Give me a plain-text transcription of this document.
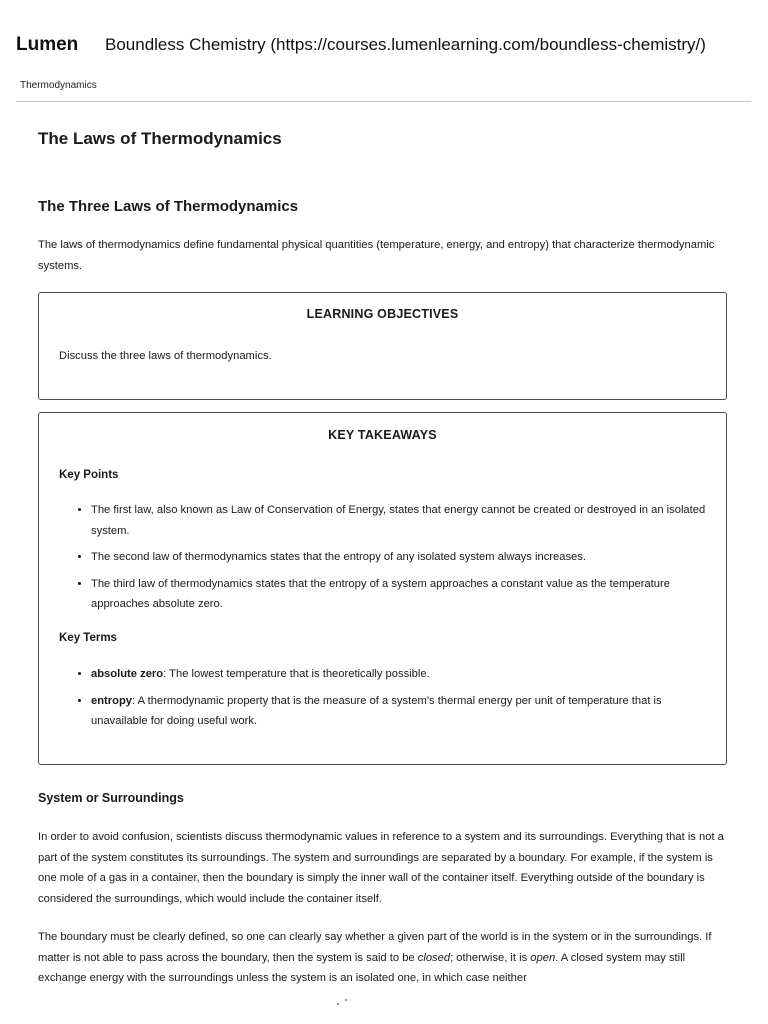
Lumen Boundless Chemistry (https://courses.lumenlearning.com/boundless-chemistry/)
Thermodynamics
The Laws of Thermodynamics
The Three Laws of Thermodynamics
The laws of thermodynamics define fundamental physical quantities (temperature, energy, and entropy) that characterize thermodynamic systems.
LEARNING OBJECTIVES
Discuss the three laws of thermodynamics.
KEY TAKEAWAYS
Key Points
• The first law, also known as Law of Conservation of Energy, states that energy cannot be created or destroyed in an isolated system.
• The second law of thermodynamics states that the entropy of any isolated system always increases.
• The third law of thermodynamics states that the entropy of a system approaches a constant value as the temperature approaches absolute zero.
Key Terms
• absolute zero: The lowest temperature that is theoretically possible.
• entropy: A thermodynamic property that is the measure of a system’s thermal energy per unit of temperature that is unavailable for doing useful work.
System or Surroundings
In order to avoid confusion, scientists discuss thermodynamic values in reference to a system and its surroundings. Everything that is not a part of the system constitutes its surroundings. The system and surroundings are separated by a boundary. For example, if the system is one mole of a gas in a container, then the boundary is simply the inner wall of the container itself. Everything outside of the boundary is considered the surroundings, which would include the container itself.
The boundary must be clearly defined, so one can clearly say whether a given part of the world is in the system or in the surroundings. If matter is not able to pass across the boundary, then the system is said to be closed; otherwise, it is open. A closed system may still exchange energy with the surroundings unless the system is an isolated one, in which case neither
